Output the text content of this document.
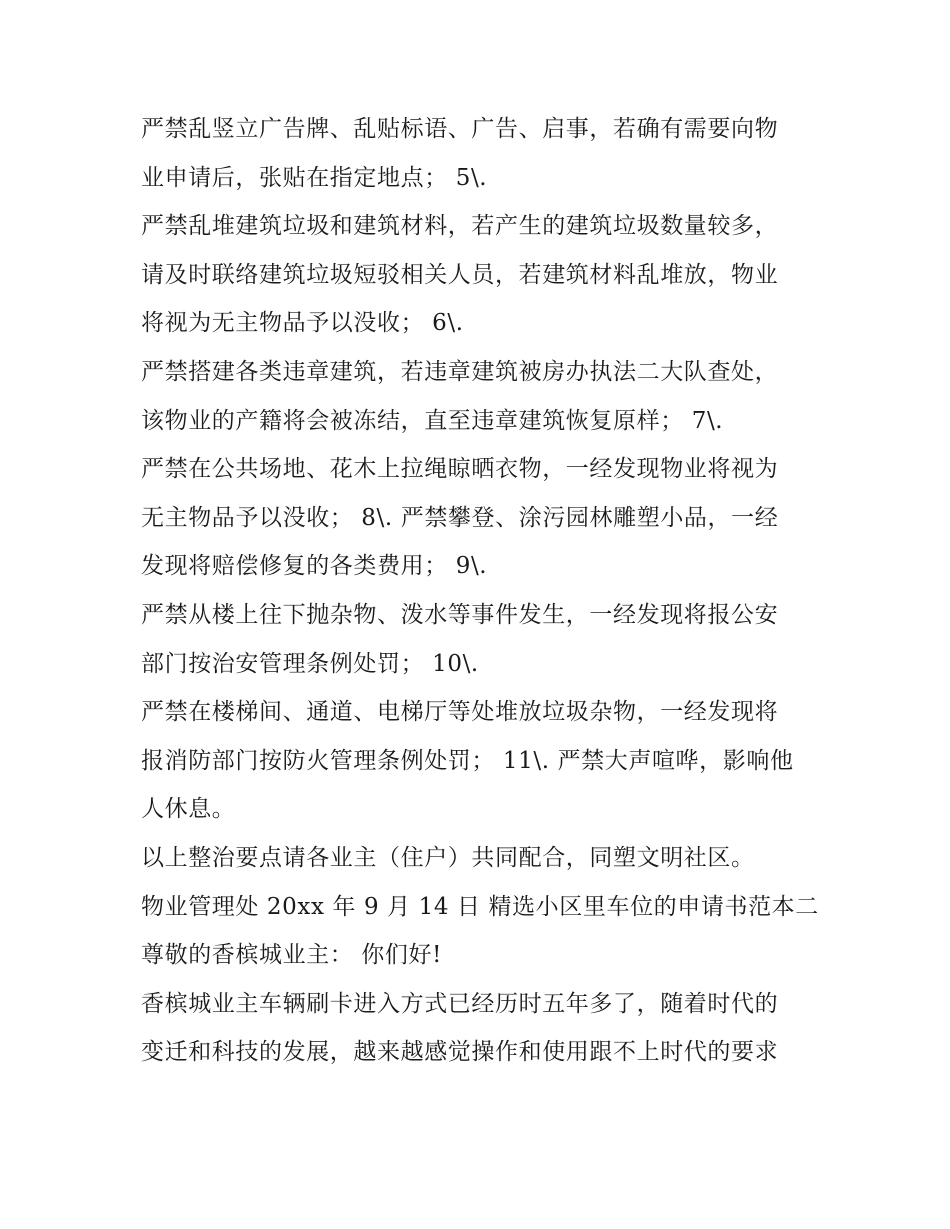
严禁乱竖立广告牌、乱贴标语、广告、启事，若确有需要向物
业申请后，张贴在指定地点； 5\.
严禁乱堆建筑垃圾和建筑材料，若产生的建筑垃圾数量较多，
请及时联络建筑垃圾短驳相关人员，若建筑材料乱堆放，物业
将视为无主物品予以没收； 6\.
严禁搭建各类违章建筑，若违章建筑被房办执法二大队查处，
该物业的产籍将会被冻结，直至违章建筑恢复原样； 7\.
严禁在公共场地、花木上拉绳晾晒衣物，一经发现物业将视为
无主物品予以没收； 8\. 严禁攀登、涂污园林雕塑小品，一经
发现将赔偿修复的各类费用； 9\.
严禁从楼上往下抛杂物、泼水等事件发生，一经发现将报公安
部门按治安管理条例处罚； 10\.
严禁在楼梯间、通道、电梯厅等处堆放垃圾杂物，一经发现将
报消防部门按防火管理条例处罚； 11\. 严禁大声喧哗，影响他
人休息。
以上整治要点请各业主（住户）共同配合，同塑文明社区。
物业管理处 20xx 年 9 月 14 日 精选小区里车位的申请书范本二
尊敬的香槟城业主： 你们好!
香槟城业主车辆刷卡进入方式已经历时五年多了，随着时代的
变迁和科技的发展，越来越感觉操作和使用跟不上时代的要求
